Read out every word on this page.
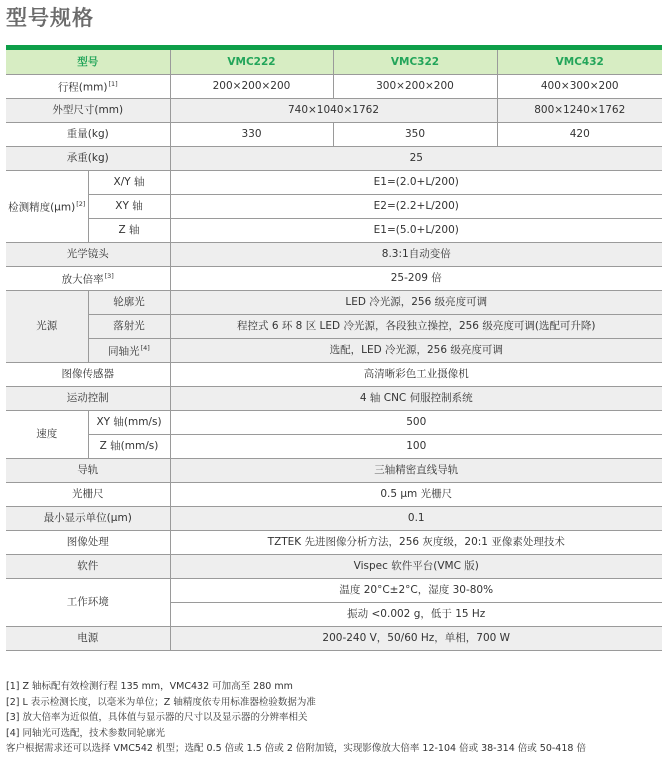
型号规格
型号		VMC222	VMC322	VMC432
行程(mm)[1]		200×200×200	300×200×200	400×300×200
外型尺寸(mm)		740×1040×1762		800×1240×1762
重量(kg)		330	350	420
承重(kg)		25		
检测精度(μm)[2]	X/Y 轴	E1=(2.0+L/200)		
	XY 轴	E2=(2.2+L/200)		
	Z 轴	E1=(5.0+L/200)		
光学镜头		8.3:1自动变倍		
放大倍率[3]		25-209 倍		
光源	轮廓光	LED 冷光源，256 级亮度可调		
	落射光	程控式 6 环 8 区 LED 冷光源，各段独立操控，256 级亮度可调(选配可升降)		
	同轴光[4]	选配，LED 冷光源，256 级亮度可调		
图像传感器		高清晰彩色工业摄像机		
运动控制		4 轴 CNC 伺服控制系统		
速度	XY 轴(mm/s)	500		
	Z 轴(mm/s)	100		
导轨		三轴精密直线导轨		
光栅尺		0.5 μm 光栅尺		
最小显示单位(μm)		0.1		
图像处理		TZTEK 先进图像分析方法，256 灰度级，20:1 亚像素处理技术		
软件		Vispec 软件平台(VMC 版)		
工作环境		温度 20°C±2°C，湿度 30-80%		
		振动 <0.002 g，低于 15 Hz		
电源		200-240 V，50/60 Hz，单相，700 W		
[1] Z 轴标配有效检测行程 135 mm，VMC432 可加高至 280 mm
[2] L 表示检测长度，以毫米为单位；Z 轴精度依专用标准器检验数据为准
[3] 放大倍率为近似值，具体值与显示器的尺寸以及显示器的分辨率相关
[4] 同轴光可选配，技术参数同轮廓光
客户根据需求还可以选择 VMC542 机型；选配 0.5 倍或 1.5 倍或 2 倍附加镜，实现影像放大倍率 12-104 倍或 38-314 倍或 50-418 倍
